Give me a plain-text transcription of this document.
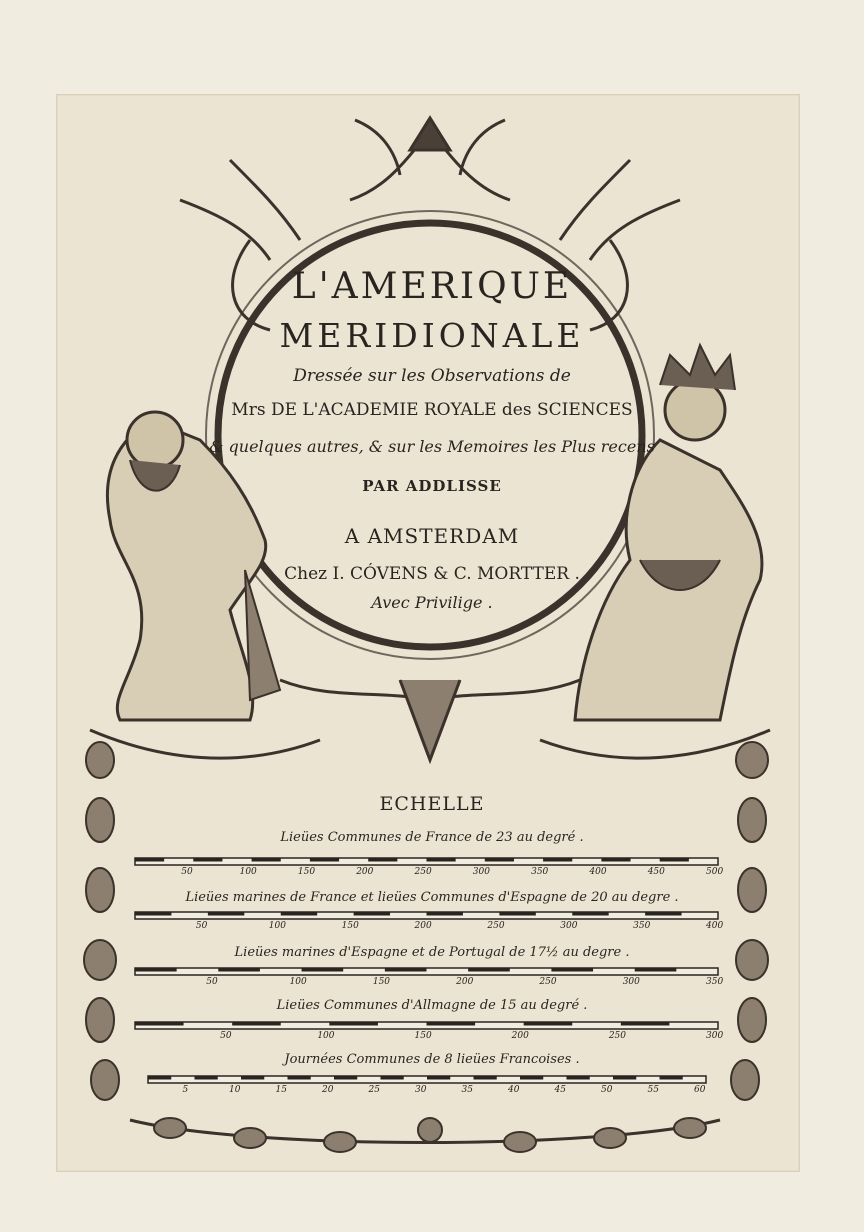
L'AMERIQUE
MERIDIONALE
Dressée sur les Observations de
Mrs DE L'ACADEMIE ROYALE des SCIENCES
& quelques autres, & sur les Memoires les Plus recens
PAR ADDLISSE
A AMSTERDAM
Chez I. CÓVENS & C. MORTTER .
Avec Privilige .
ECHELLE
Lieües Communes de France de 23 au degré .
Lieües marines de France et lieües Communes d'Espagne de 20 au degre .
Lieües marines d'Espagne et de Portugal de 17½ au degre .
Lieües Communes d'Allmagne de 15 au degré .
Journées Communes de 8 lieües Francoises .
50	100	150	200	250	300	350	400	450	500
50	100	150	200	250	300	350	400
50	100	150	200	250	300	350
50	100	150	200	250	300
5	10	15	20	25	30	35	40	45	50	55	60
